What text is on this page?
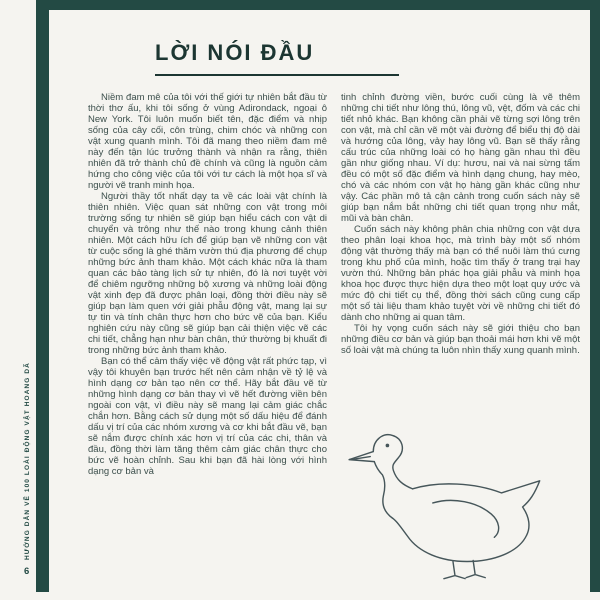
HƯỚNG DẪN VẼ 100 LOÀI ĐỘNG VẬT HOANG DÃ
6
LỜI NÓI ĐẦU

Niềm đam mê của tôi với thế giới tự nhiên bắt đầu từ thời thơ ấu, khi tôi sống ở vùng Adirondack, ngoại ô New York. Tôi luôn muốn biết tên, đặc điểm và nhịp sống của cây cối, côn trùng, chim chóc và những con vật xung quanh mình. Tôi đã mang theo niềm đam mê này đến tận lúc trưởng thành và nhận ra rằng, thiên nhiên đã trở thành chủ đề chính và cũng là nguồn cảm hứng cho công việc của tôi với tư cách là một họa sĩ và người vẽ tranh minh họa.

Người thầy tốt nhất dạy ta về các loài vật chính là thiên nhiên. Việc quan sát những con vật trong môi trường sống tự nhiên sẽ giúp bạn hiểu cách con vật di chuyển và trông như thế nào trong khung cảnh thiên nhiên. Một cách hữu ích để giúp bạn vẽ những con vật từ cuộc sống là ghé thăm vườn thú địa phương để chụp những bức ảnh tham khảo. Một cách khác nữa là tham quan các bảo tàng lịch sử tự nhiên, đó là nơi tuyệt vời để chiêm ngưỡng những bộ xương và những loài động vật xinh đẹp đã được phân loại, đồng thời điều này sẽ giúp bạn làm quen với giải phẫu động vật, mang lại sự tự tin và tính chân thực hơn cho bức vẽ của bạn. Kiểu nghiên cứu này cũng sẽ giúp bạn cải thiện việc vẽ các chi tiết, chẳng hạn như bàn chân, thứ thường bị khuất đi trong những bức ảnh tham khảo.

Bạn có thể cảm thấy việc vẽ động vật rất phức tạp, vì vậy tôi khuyên bạn trước hết nên cảm nhận về tỷ lệ và hình dạng cơ bản tạo nên cơ thể. Hãy bắt đầu vẽ từ những hình dạng cơ bản thay vì vẽ hết đường viền bên ngoài con vật, vì điều này sẽ mang lại cảm giác chắc chắn hơn. Bằng cách sử dụng một số dấu hiệu để đánh dấu vị trí của các nhóm xương và cơ khi bắt đầu vẽ, bạn sẽ nắm được chính xác hơn vị trí của các chi, thân và đầu, đồng thời làm tăng thêm cảm giác chân thực cho bức vẽ hoàn chỉnh. Sau khi bạn đã hài lòng với hình dạng cơ bản và

tinh chỉnh đường viền, bước cuối cùng là vẽ thêm những chi tiết như lông thú, lông vũ, vệt, đốm và các chi tiết nhỏ khác. Bạn không cần phải vẽ từng sợi lông trên con vật, mà chỉ cần vẽ một vài đường để biểu thị độ dài và hướng của lông, vảy hay lông vũ. Bạn sẽ thấy rằng cấu trúc của những loài có họ hàng gần nhau thì đều gần như giống nhau. Ví dụ: hươu, nai và nai sừng tấm đều có một số đặc điểm và hình dạng chung, hay mèo, chó và các nhóm con vật họ hàng gần khác cũng như vậy. Các phần mô tả cận cảnh trong cuốn sách này sẽ giúp bạn nắm bắt những chi tiết quan trọng như mắt, mũi và bàn chân.

Cuốn sách này không phân chia những con vật dựa theo phân loại khoa học, mà trình bày một số nhóm động vật thường thấy mà bạn có thể nuôi làm thú cưng trong khu phố của mình, hoặc tìm thấy ở trang trại hay vườn thú. Những bản phác họa giải phẫu và minh họa khoa học được thực hiện dựa theo một loạt quy ước và mức độ chi tiết cụ thể, đồng thời sách cũng cung cấp một số tài liệu tham khảo tuyệt vời về những chi tiết đó dành cho những ai quan tâm.

Tôi hy vọng cuốn sách này sẽ giới thiệu cho bạn những điều cơ bản và giúp bạn thoải mái hơn khi vẽ một số loài vật mà chúng ta luôn nhìn thấy xung quanh mình.
